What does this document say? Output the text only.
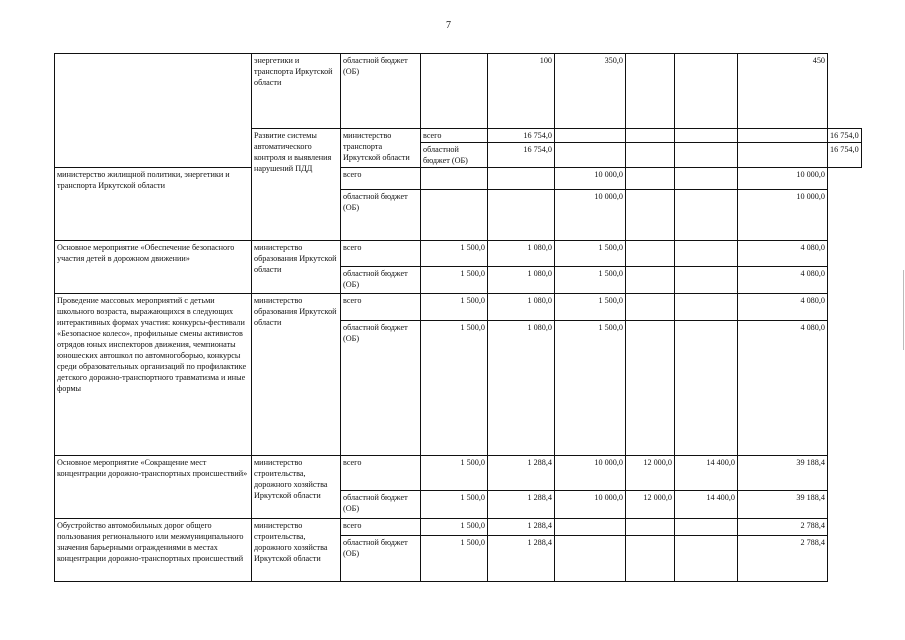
7
	энергетики и транспорта Иркутской области	областной бюджет (ОБ)		100	350,0			450	
	Развитие системы автоматического контроля и выявления нарушений ПДД	министерство транспорта Иркутской области	всего	16 754,0					16 754,0
			областной бюджет (ОБ)	16 754,0					16 754,0
министерство жилищной политики, энергетики и транспорта Иркутской области		всего			10 000,0			10 000,0	
		областной бюджет (ОБ)			10 000,0			10 000,0	
Основное мероприятие «Обеспечение безопасного участия детей в дорожном движении»	министерство образования Иркутской области	всего	1 500,0	1 080,0	1 500,0			4 080,0	
		областной бюджет (ОБ)	1 500,0	1 080,0	1 500,0			4 080,0	
Проведение массовых мероприятий с детьми школьного возраста, выражающихся в следующих интерактивных формах участия: конкурсы-фестивали «Безопасное колесо», профильные смены активистов отрядов юных инспекторов движения, чемпионаты юношеских автошкол по автомногоборью, конкурсы среди образовательных организаций по профилактике детского дорожно-транспортного травматизма и иные формы	министерство образования Иркутской области	всего	1 500,0	1 080,0	1 500,0			4 080,0	
		областной бюджет (ОБ)	1 500,0	1 080,0	1 500,0			4 080,0	
Основное мероприятие «Сокращение мест концентрации дорожно-транспортных происшествий»	министерство строительства, дорожного хозяйства Иркутской области	всего	1 500,0	1 288,4	10 000,0	12 000,0	14 400,0	39 188,4	
		областной бюджет (ОБ)	1 500,0	1 288,4	10 000,0	12 000,0	14 400,0	39 188,4	
Обустройство автомобильных дорог общего пользования регионального или межмуниципального значения барьерными ограждениями в местах концентрации дорожно-транспортных происшествий	министерство строительства, дорожного хозяйства Иркутской области	всего	1 500,0	1 288,4				2 788,4	
		областной бюджет (ОБ)	1 500,0	1 288,4				2 788,4	
